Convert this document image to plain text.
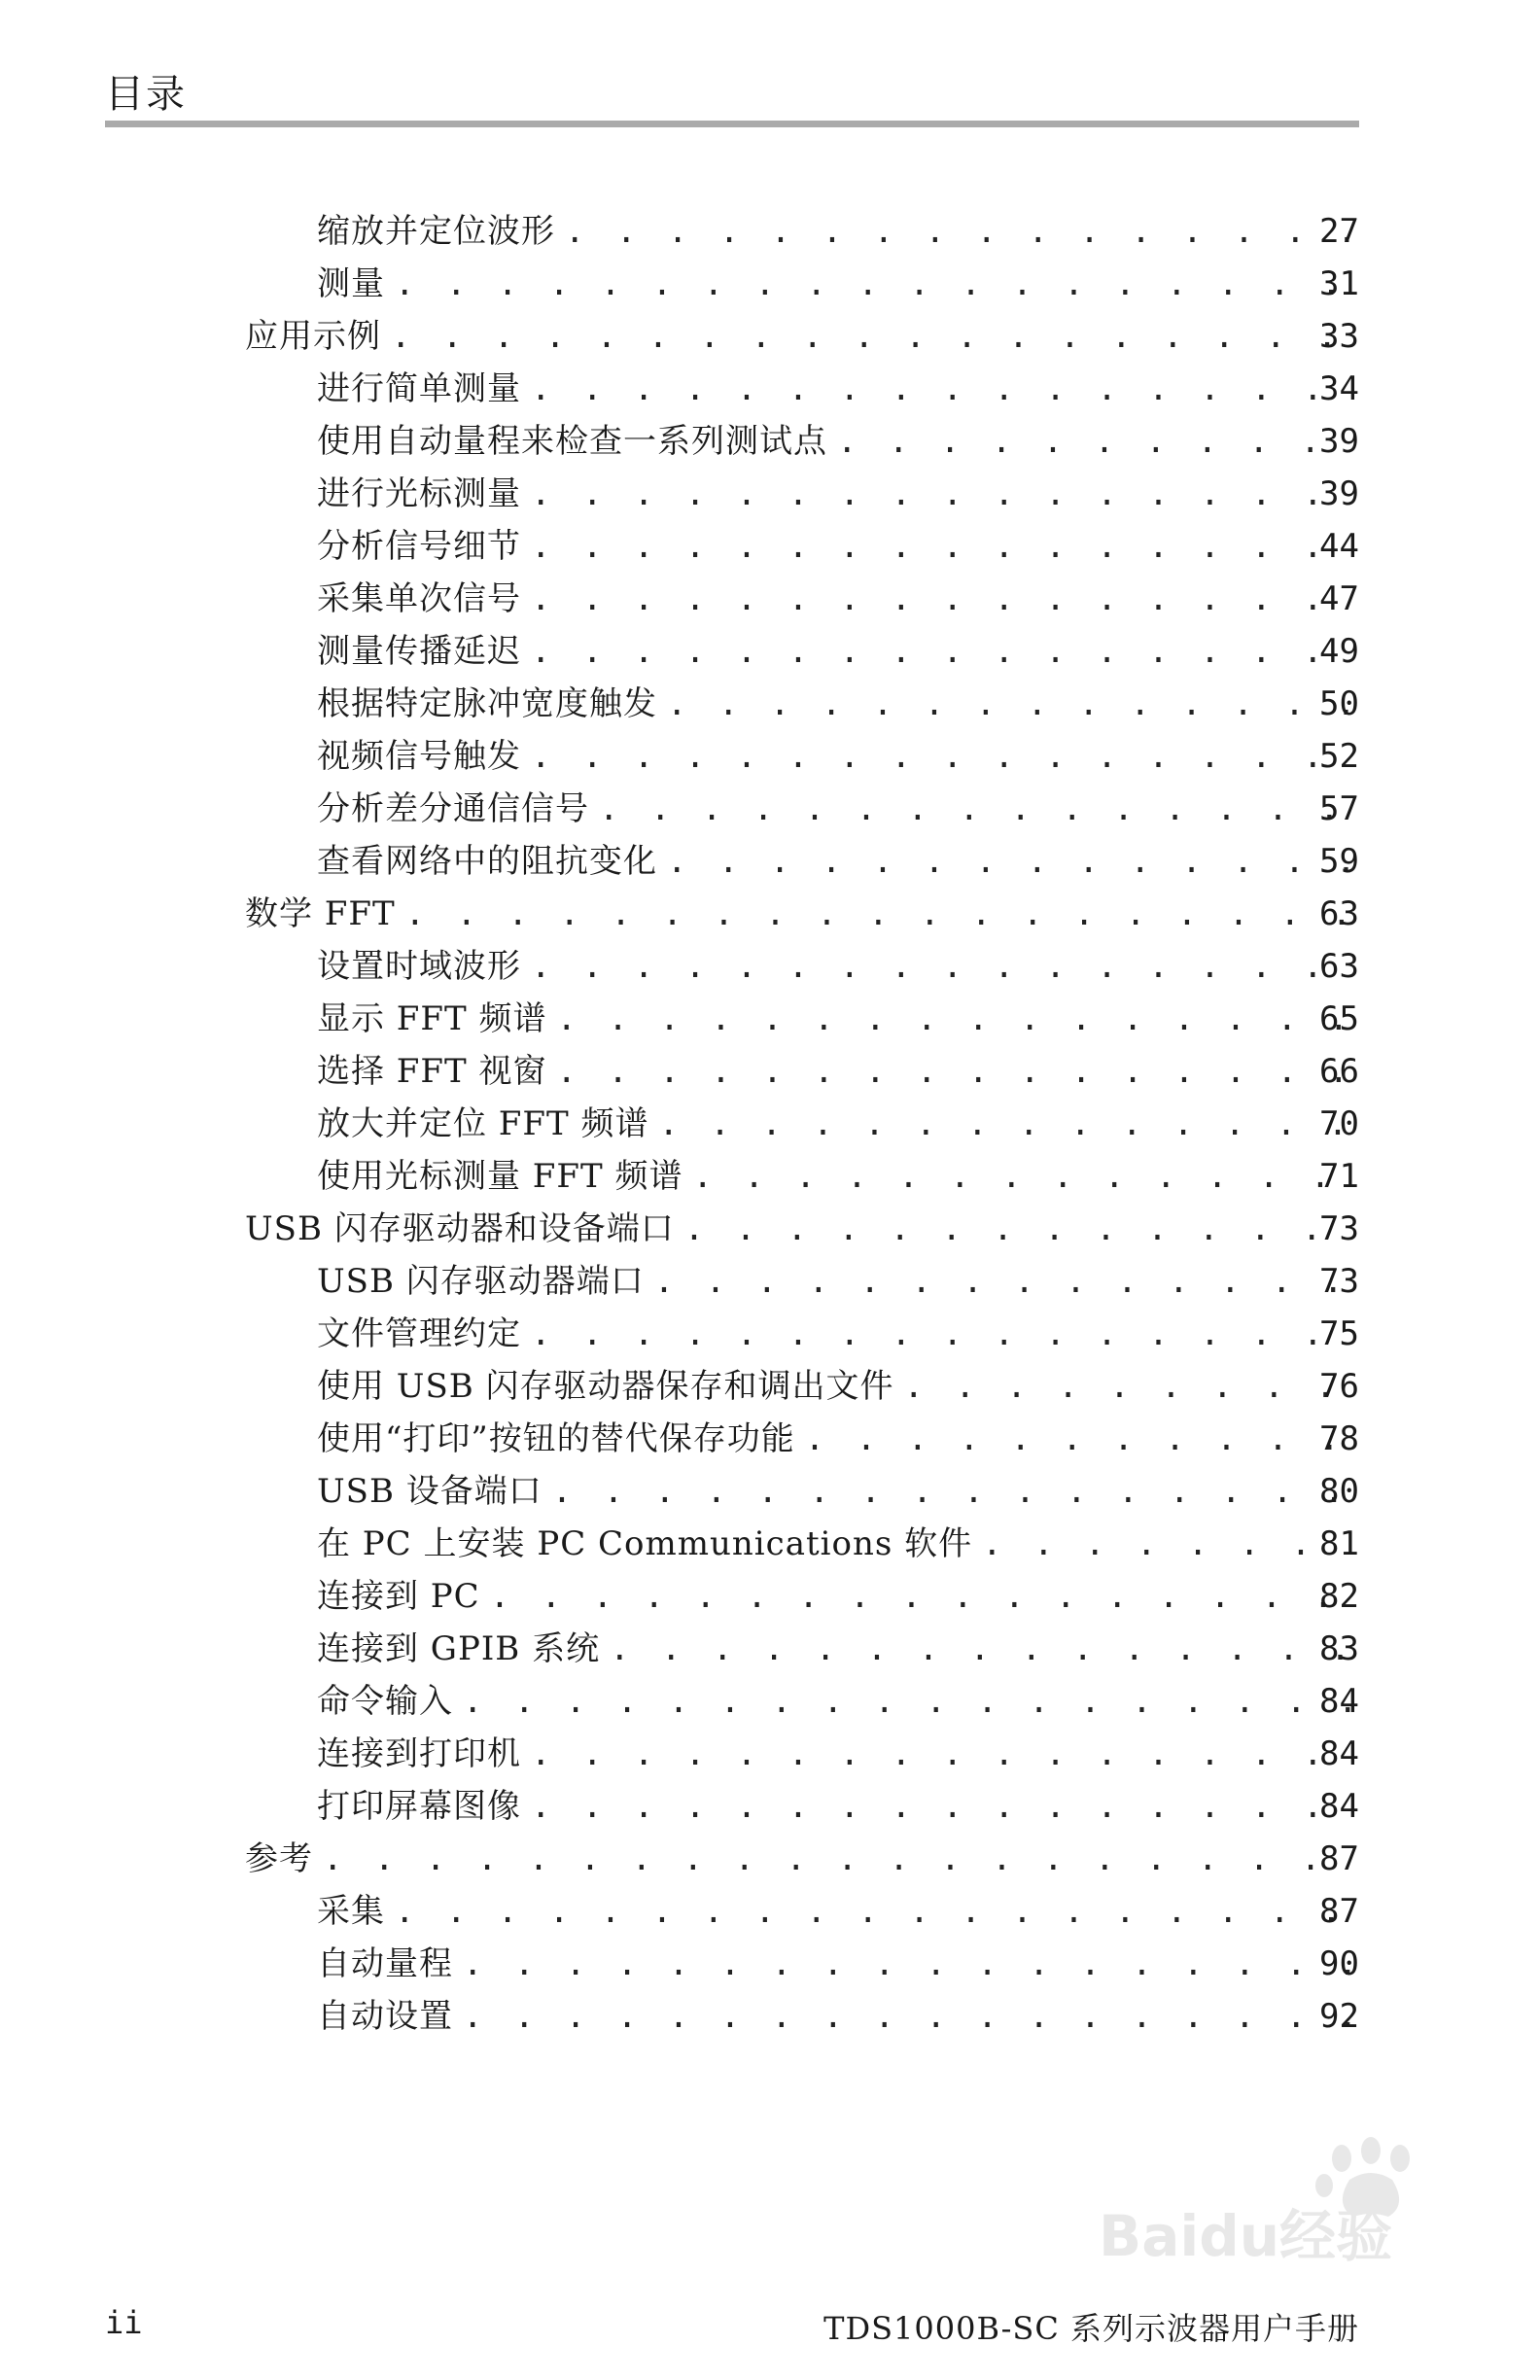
目录
缩放并定位波形 . . .	27
测量 . . .	31
应用示例 . . .	33
进行简单测量 . . .	34
使用自动量程来检查一系列测试点 . . .	39
进行光标测量 . . .	39
分析信号细节 . . .	44
采集单次信号 . . .	47
测量传播延迟 . . .	49
根据特定脉冲宽度触发 . . .	50
视频信号触发 . . .	52
分析差分通信信号 . . .	57
查看网络中的阻抗变化 . . .	59
数学 FFT . . .	63
设置时域波形 . . .	63
显示 FFT 频谱 . . .	65
选择 FFT 视窗 . . .	66
放大并定位 FFT 频谱 . . .	70
使用光标测量 FFT 频谱 . . .	71
USB 闪存驱动器和设备端口 . . .	73
USB 闪存驱动器端口 . . .	73
文件管理约定 . . .	75
使用 USB 闪存驱动器保存和调出文件 . . .	76
使用“打印”按钮的替代保存功能 . . .	78
USB 设备端口 . . .	80
在 PC 上安装 PC Communications 软件 . . .	81
连接到 PC . . .	82
连接到 GPIB 系统 . . .	83
命令输入 . . .	84
连接到打印机 . . .	84
打印屏幕图像 . . .	84
参考 . . .	87
采集 . . .	87
自动量程 . . .	90
自动设置 . . .	92
Baidu经验
ii	TDS1000B-SC 系列示波器用户手册
